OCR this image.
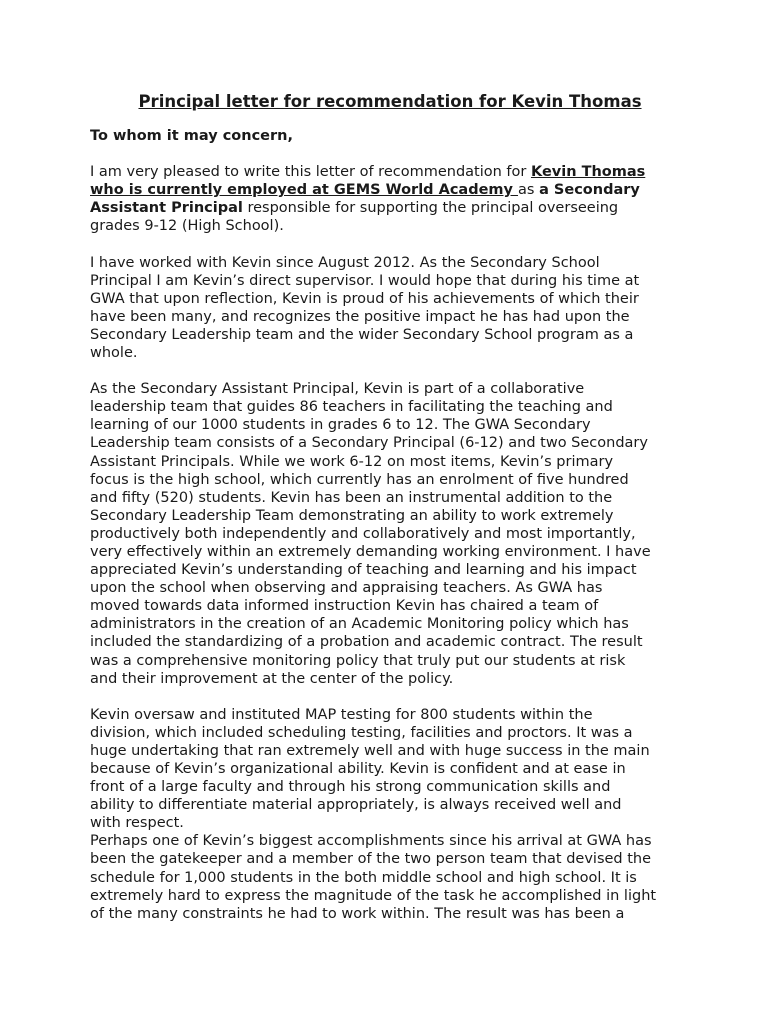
Principal letter for recommendation for Kevin Thomas
To whom it may concern,
I am very pleased to write this letter of recommendation for Kevin Thomas
who is currently employed at GEMS World Academy as a Secondary
Assistant Principal responsible for supporting the principal overseeing
grades 9-12 (High School).
I have worked with Kevin since August 2012. As the Secondary School
Principal I am Kevin’s direct supervisor. I would hope that during his time at
GWA that upon reflection, Kevin is proud of his achievements of which their
have been many, and recognizes the positive impact he has had upon the
Secondary Leadership team and the wider Secondary School program as a
whole.
As the Secondary Assistant Principal, Kevin is part of a collaborative
leadership team that guides 86 teachers in facilitating the teaching and
learning of our 1000 students in grades 6 to 12. The GWA Secondary
Leadership team consists of a Secondary Principal (6-12) and two Secondary
Assistant Principals. While we work 6-12 on most items, Kevin’s primary
focus is the high school, which currently has an enrolment of five hundred
and fifty (520) students. Kevin has been an instrumental addition to the
Secondary Leadership Team demonstrating an ability to work extremely
productively both independently and collaboratively and most importantly,
very effectively within an extremely demanding working environment. I have
appreciated Kevin’s understanding of teaching and learning and his impact
upon the school when observing and appraising teachers. As GWA has
moved towards data informed instruction Kevin has chaired a team of
administrators in the creation of an Academic Monitoring policy which has
included the standardizing of a probation and academic contract. The result
was a comprehensive monitoring policy that truly put our students at risk
and their improvement at the center of the policy.
Kevin oversaw and instituted MAP testing for 800 students within the
division, which included scheduling testing, facilities and proctors. It was a
huge undertaking that ran extremely well and with huge success in the main
because of Kevin’s organizational ability. Kevin is confident and at ease in
front of a large faculty and through his strong communication skills and
ability to differentiate material appropriately, is always received well and
with respect.
Perhaps one of Kevin’s biggest accomplishments since his arrival at GWA has
been the gatekeeper and a member of the two person team that devised the
schedule for 1,000 students in the both middle school and high school. It is
extremely hard to express the magnitude of the task he accomplished in light
of the many constraints he had to work within. The result was has been a
